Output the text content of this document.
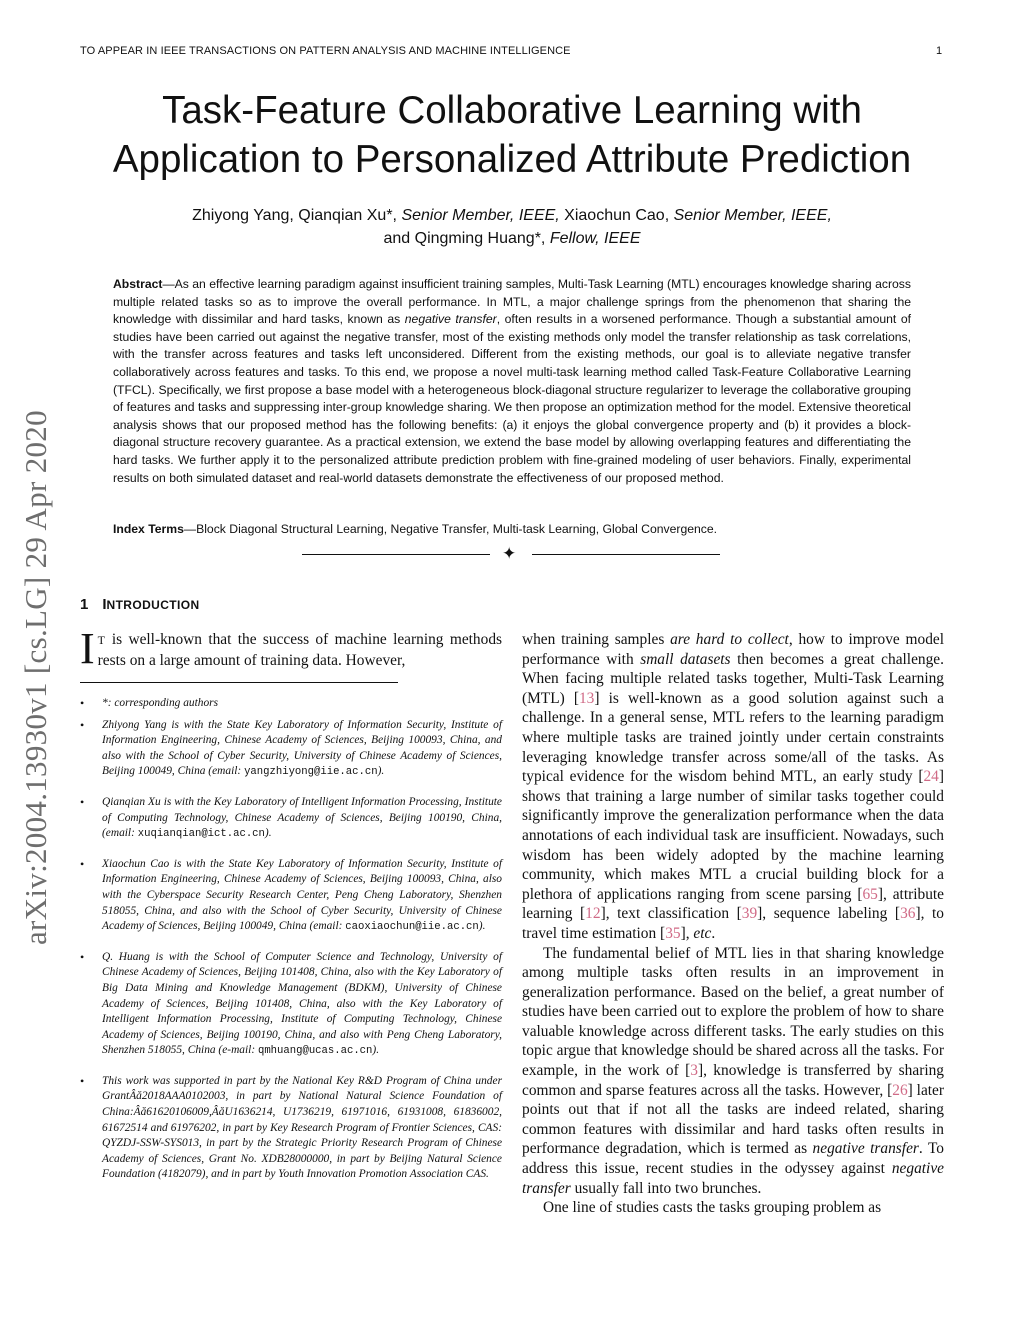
TO APPEAR IN IEEE TRANSACTIONS ON PATTERN ANALYSIS AND MACHINE INTELLIGENCE	1
arXiv:2004.13930v1 [cs.LG] 29 Apr 2020
Task-Feature Collaborative Learning with
Application to Personalized Attribute Prediction
Zhiyong Yang, Qianqian Xu*, Senior Member, IEEE, Xiaochun Cao, Senior Member, IEEE,
and Qingming Huang*, Fellow, IEEE

Abstract—As an effective learning paradigm against insufficient training samples, Multi-Task Learning (MTL) encourages knowledge sharing across multiple related tasks so as to improve the overall performance. In MTL, a major challenge springs from the phenomenon that sharing the knowledge with dissimilar and hard tasks, known as negative transfer, often results in a worsened performance. Though a substantial amount of studies have been carried out against the negative transfer, most of the existing methods only model the transfer relationship as task correlations, with the transfer across features and tasks left unconsidered. Different from the existing methods, our goal is to alleviate negative transfer collaboratively across features and tasks. To this end, we propose a novel multi-task learning method called Task-Feature Collaborative Learning (TFCL). Specifically, we first propose a base model with a heterogeneous block-diagonal structure regularizer to leverage the collaborative grouping of features and tasks and suppressing inter-group knowledge sharing. We then propose an optimization method for the model. Extensive theoretical analysis shows that our proposed method has the following benefits: (a) it enjoys the global convergence property and (b) it provides a block-diagonal structure recovery guarantee. As a practical extension, we extend the base model by allowing overlapping features and differentiating the hard tasks. We further apply it to the personalized attribute prediction problem with fine-grained modeling of user behaviors. Finally, experimental results on both simulated dataset and real-world datasets demonstrate the effectiveness of our proposed method.

Index Terms—Block Diagonal Structural Learning, Negative Transfer, Multi-task Learning, Global Convergence.

✦
1 INTRODUCTION

I T is well-known that the success of machine learning methods rests on a large amount of training data. However,

• *: corresponding authors
• Zhiyong Yang is with the State Key Laboratory of Information Security, Institute of Information Engineering, Chinese Academy of Sciences, Beijing 100093, China, and also with the School of Cyber Security, University of Chinese Academy of Sciences, Beijing 100049, China (email: yangzhiyong@iie.ac.cn).
• Qianqian Xu is with the Key Laboratory of Intelligent Information Processing, Institute of Computing Technology, Chinese Academy of Sciences, Beijing 100190, China, (email: xuqianqian@ict.ac.cn).
• Xiaochun Cao is with the State Key Laboratory of Information Security, Institute of Information Engineering, Chinese Academy of Sciences, Beijing 100093, China, also with the Cyberspace Security Research Center, Peng Cheng Laboratory, Shenzhen 518055, China, and also with the School of Cyber Security, University of Chinese Academy of Sciences, Beijing 100049, China (email: caoxiaochun@iie.ac.cn).
• Q. Huang is with the School of Computer Science and Technology, University of Chinese Academy of Sciences, Beijing 101408, China, also with the Key Laboratory of Big Data Mining and Knowledge Management (BDKM), University of Chinese Academy of Sciences, Beijing 101408, China, also with the Key Laboratory of Intelligent Information Processing, Institute of Computing Technology, Chinese Academy of Sciences, Beijing 100190, China, and also with Peng Cheng Laboratory, Shenzhen 518055, China (e-mail: qmhuang@ucas.ac.cn).
• This work was supported in part by the National Key R&D Program of China under GrantÂă2018AAA0102003, in part by National Natural Science Foundation of China:Âă61620106009,ÂăU1636214, U1736219, 61971016, 61931008, 61836002, 61672514 and 61976202, in part by Key Research Program of Frontier Sciences, CAS: QYZDJ-SSW-SYS013, in part by the Strategic Priority Research Program of Chinese Academy of Sciences, Grant No. XDB28000000, in part by Beijing Natural Science Foundation (4182079), and in part by Youth Innovation Promotion Association CAS.

when training samples are hard to collect, how to improve model performance with small datasets then becomes a great challenge. When facing multiple related tasks together, Multi-Task Learning (MTL) [13] is well-known as a good solution against such a challenge. In a general sense, MTL refers to the learning paradigm where multiple tasks are trained jointly under certain constraints leveraging knowledge transfer across some/all of the tasks. As typical evidence for the wisdom behind MTL, an early study [24] shows that training a large number of similar tasks together could significantly improve the generalization performance when the data annotations of each individual task are insufficient. Nowadays, such wisdom has been widely adopted by the machine learning community, which makes MTL a crucial building block for a plethora of applications ranging from scene parsing [65], attribute learning [12], text classification [39], sequence labeling [36], to travel time estimation [35], etc.

The fundamental belief of MTL lies in that sharing knowledge among multiple tasks often results in an improvement in generalization performance. Based on the belief, a great number of studies have been carried out to explore the problem of how to share valuable knowledge across different tasks. The early studies on this topic argue that knowledge should be shared across all the tasks. For example, in the work of [3], knowledge is transferred by sharing common and sparse features across all the tasks. However, [26] later points out that if not all the tasks are indeed related, sharing common features with dissimilar and hard tasks often results in performance degradation, which is termed as negative transfer. To address this issue, recent studies in the odyssey against negative transfer usually fall into two brunches.

One line of studies casts the tasks grouping problem as
